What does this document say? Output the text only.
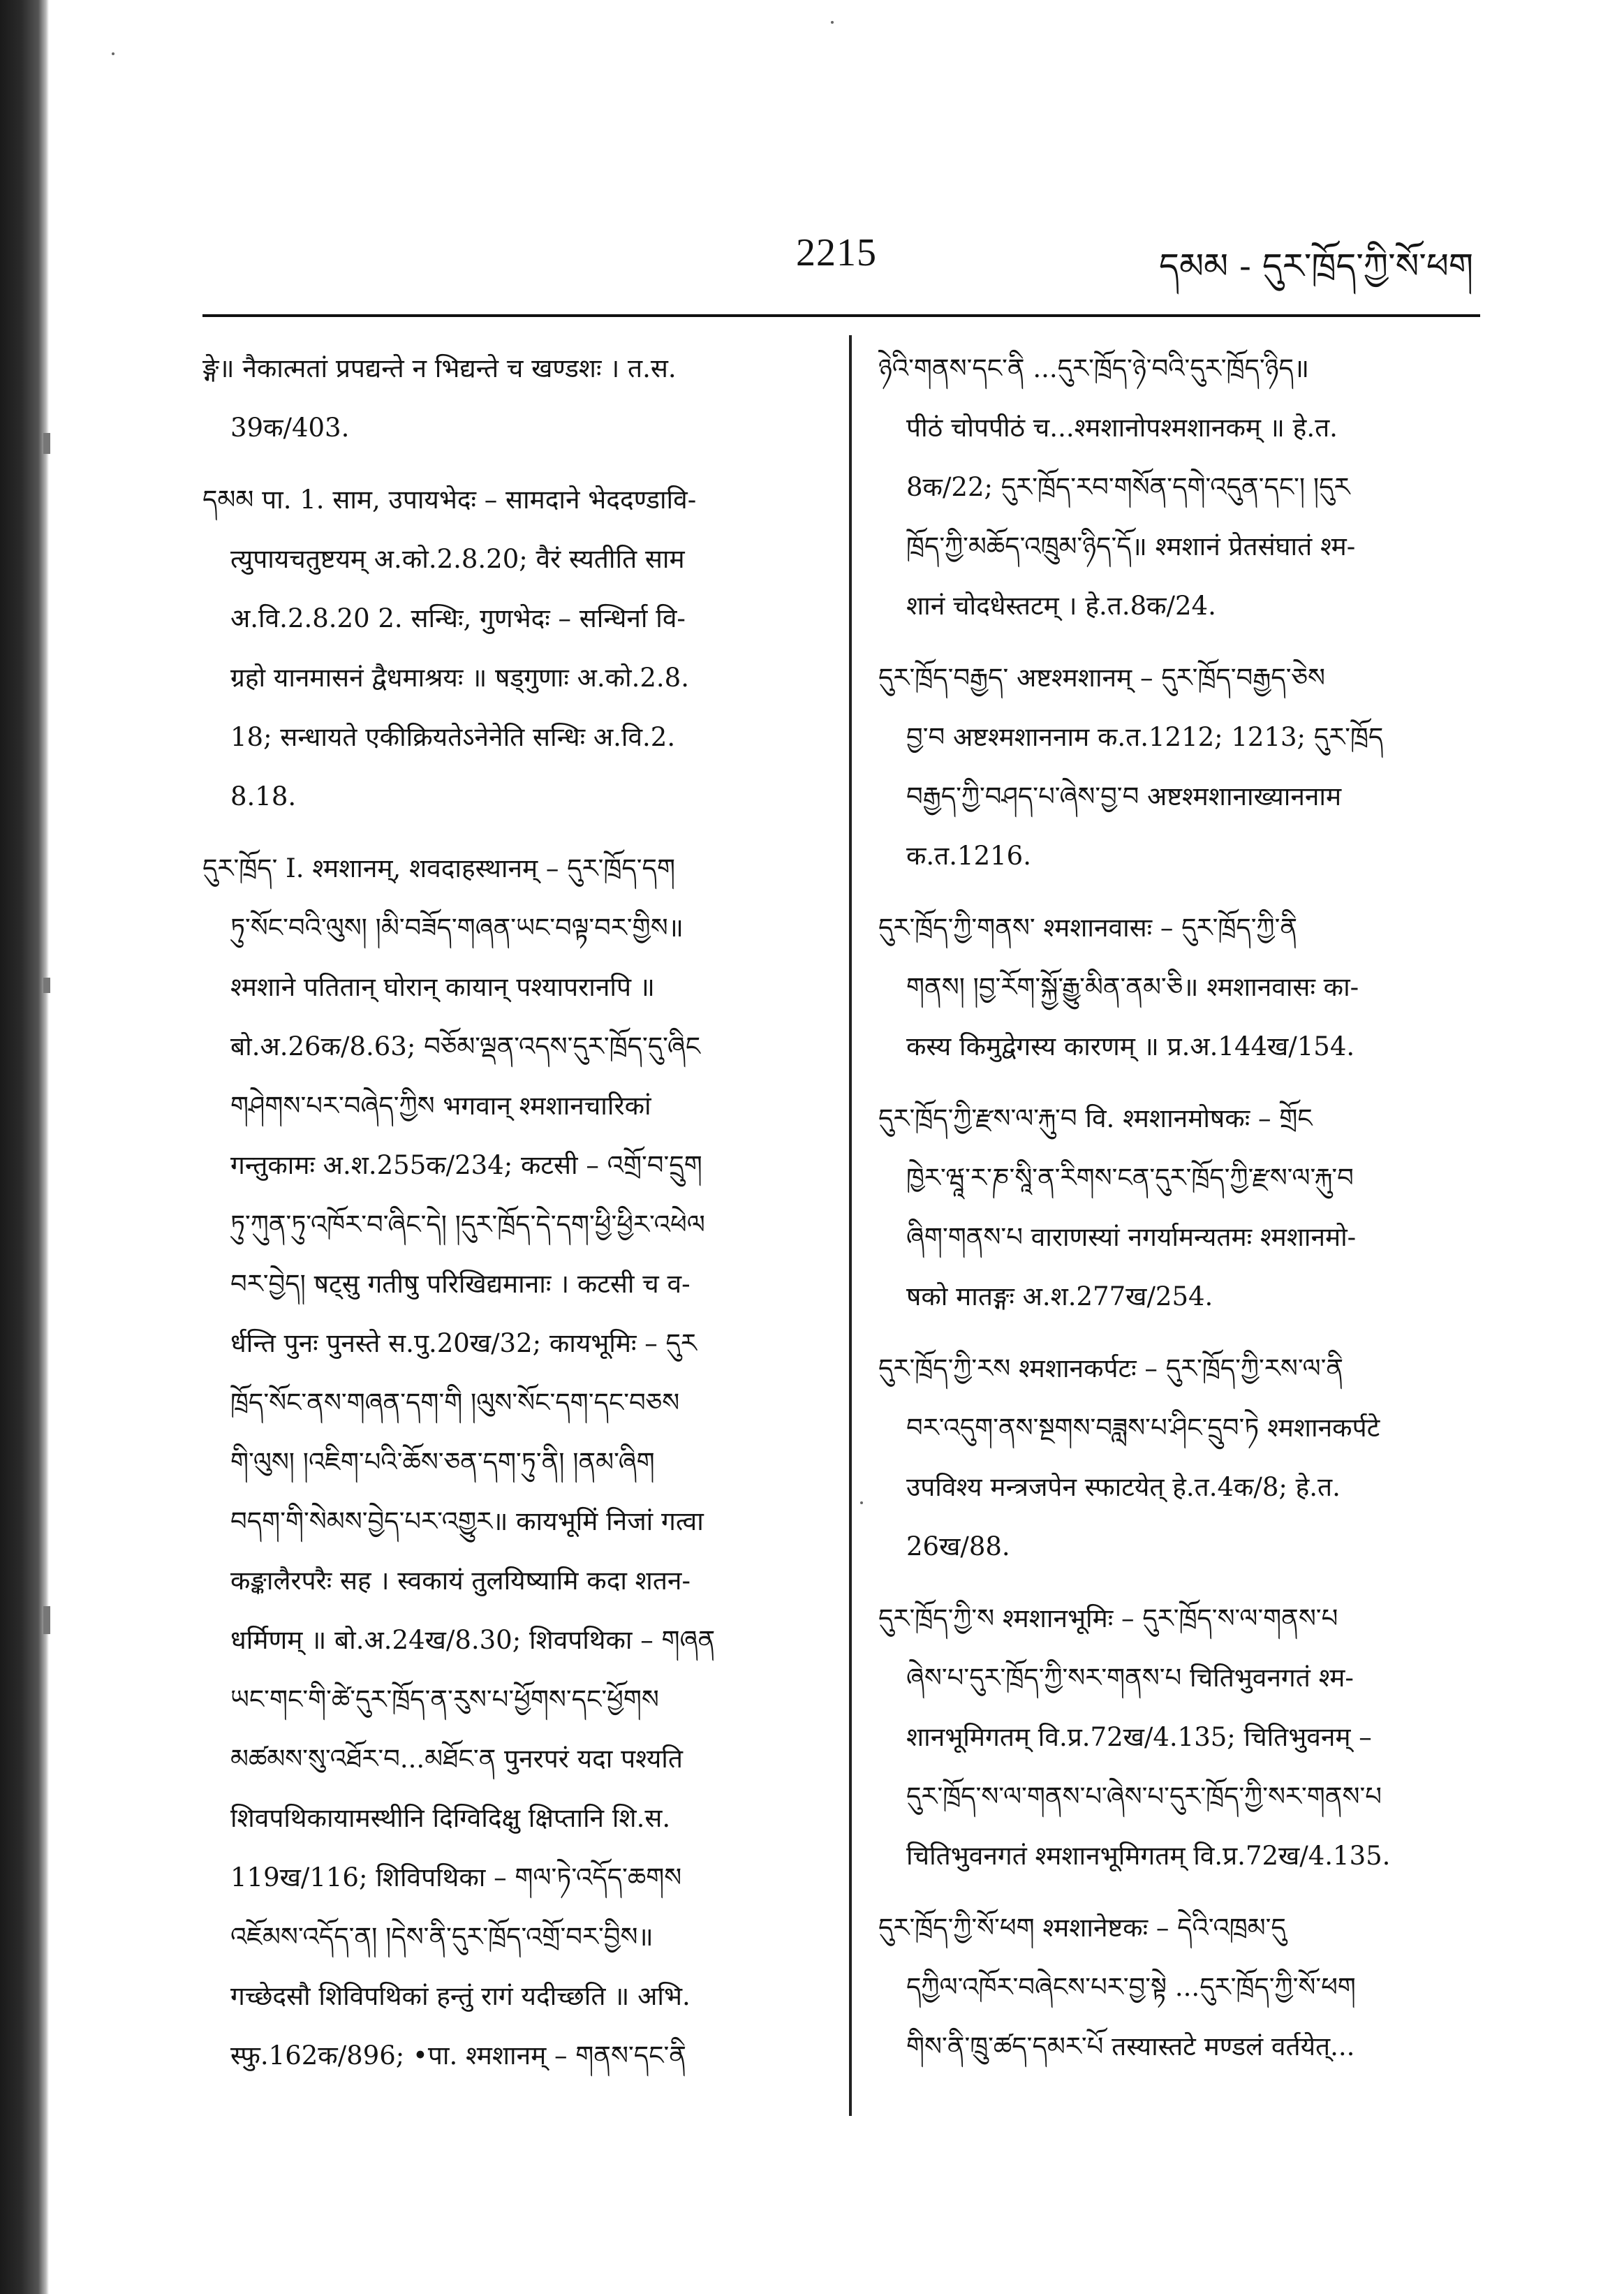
2215	དམམ - དུར་ཁྲོད་ཀྱི་སོ་ཕག
ङ्गे॥ नैकात्मतां प्रपद्यन्ते न भिद्यन्ते च खण्डशः । त.स.
39क/403.
དམམ पा. 1. साम, उपायभेदः – सामदाने भेददण्डावि-
त्युपायचतुष्टयम् अ.को.2.8.20; वैरं स्यतीति साम
अ.वि.2.8.20 2. सन्धिः, गुणभेदः – सन्धिर्ना वि-
ग्रहो यानमासनं द्वैधमाश्रयः ॥ षड्गुणाः अ.को.2.8.
18; सन्धायते एकीक्रियतेऽनेनेति सन्धिः अ.वि.2.
8.18.
དུར་ཁྲོད་ I. श्मशानम्, शवदाहस्थानम् – དུར་ཁྲོད་དག
ཏུ་སོང་བའི་ལུས། །མི་བཟོད་གཞན་ཡང་བལྟ་བར་གྱིས॥
श्मशाने पतितान् घोरान् कायान् पश्यापरानपि ॥
बो.अ.26क/8.63; བཅོམ་ལྡན་འདས་དུར་ཁྲོད་དུ་ཞིང
གཤེགས་པར་བཞེད་ཀྱིས भगवान् श्मशानचारिकां
गन्तुकामः अ.श.255क/234; कटसी – འགྲོ་བ་དྲུག
ཏུ་ཀུན་ཏུ་འཁོར་བ་ཞིང་དེ། །དུར་ཁྲོད་དེ་དག་ཕྱི་ཕྱིར་འཕེལ
བར་བྱེད། षट्सु गतीषु परिखिद्यमानाः । कटसी च व-
र्धन्ति पुनः पुनस्ते स.पु.20ख/32; कायभूमिः – དུར
ཁྲོད་སོང་ནས་གཞན་དག་གི །ལུས་སོང་དག་དང་བཅས
གི་ལུས། །འཇིག་པའི་ཆོས་ཅན་དག་ཏུ་ནི། །ནམ་ཞིག
བདག་གི་སེམས་བྱེད་པར་འགྱུར॥ कायभूमिं निजां गत्वा
कङ्कालैरपरैः सह । स्वकायं तुलयिष्यामि कदा शतन-
धर्मिणम् ॥ बो.अ.24ख/8.30; शिवपथिका – གཞན
ཡང་གང་གི་ཚེ་དུར་ཁྲོད་ན་རུས་པ་ཕྱོགས་དང་ཕྱོགས
མཚམས་སུ་འཐོར་བ...མཐོང་ན पुनरपरं यदा पश्यति
शिवपथिकायामस्थीनि दिग्विदिक्षु क्षिप्तानि शि.स.
119ख/116; शिविपथिका – གལ་ཏེ་འདོད་ཆགས
འཇོམས་འདོད་ན། །དེས་ནི་དུར་ཁྲོད་འགྲོ་བར་བྱིས॥
गच्छेदसौ शिविपथिकां हन्तुं रागं यदीच्छति ॥ अभि.
स्फु.162क/896; •पा. श्मशानम् – གནས་དང་ནི
ཉེའི་གནས་དང་ནི ...དུར་ཁྲོད་ཉེ་བའི་དུར་ཁྲོད་ཉིད॥
पीठं चोपपीठं च...श्मशानोपश्मशानकम् ॥ हे.त.
8क/22; དུར་ཁྲོད་རབ་གསོན་དགེ་འདུན་དང་། །དུར
ཁྲོད་ཀྱི་མཆོད་འཁྲུམ་ཉིད་དོ॥ श्मशानं प्रेतसंघातं श्म-
शानं चोदधेस्तटम् । हे.त.8क/24.
དུར་ཁྲོད་བརྒྱད་ अष्टश्मशानम् – དུར་ཁྲོད་བརྒྱད་ཅེས
བྱ་བ अष्टश्मशाननाम क.त.1212; 1213; དུར་ཁྲོད
བརྒྱད་ཀྱི་བཤད་པ་ཞེས་བྱ་བ अष्टश्मशानाख्याननाम
क.त.1216.
དུར་ཁྲོད་ཀྱི་གནས་ श्मशानवासः – དུར་ཁྲོད་ཀྱི་ནི
གནས། །བྱ་རོག་སྐྱོ་རྒྱུ་མིན་ནམ་ཅི॥ श्मशानवासः का-
कस्य किमुद्वेगस्य कारणम् ॥ प्र.अ.144ख/154.
དུར་ཁྲོད་ཀྱི་རྫས་ལ་རྐུ་བ वि. श्मशानमोषकः – གྲོང
ཁྱེར་ཝཱ་ར་ཎ་སཱི་ན་རིགས་ངན་དུར་ཁྲོད་ཀྱི་རྫས་ལ་རྐུ་བ
ཞིག་གནས་པ वाराणस्यां नगर्यामन्यतमः श्मशानमो-
षको मातङ्गः अ.श.277ख/254.
དུར་ཁྲོད་ཀྱི་རས श्मशानकर्पटः – དུར་ཁྲོད་ཀྱི་རས་ལ་ནི
བར་འདུག་ནས་སྔགས་བཟླས་པ་ཤིང་དྲུབ་ཏེ श्मशानकर्पटे
उपविश्य मन्त्रजपेन स्फाटयेत् हे.त.4क/8; हे.त.
26ख/88.
དུར་ཁྲོད་ཀྱི་ས श्मशानभूमिः – དུར་ཁྲོད་ས་ལ་གནས་པ
ཞེས་པ་དུར་ཁྲོད་ཀྱི་སར་གནས་པ चितिभुवनगतं श्म-
शानभूमिगतम् वि.प्र.72ख/4.135; चितिभुवनम् –
དུར་ཁྲོད་ས་ལ་གནས་པ་ཞེས་པ་དུར་ཁྲོད་ཀྱི་སར་གནས་པ
चितिभुवनगतं श्मशानभूमिगतम् वि.प्र.72ख/4.135.
དུར་ཁྲོད་ཀྱི་སོ་ཕག श्मशानेष्टकः – དེའི་འཁྲམ་དུ
དཀྱིལ་འཁོར་བཞེངས་པར་བྱ་སྟེ ...དུར་ཁྲོད་ཀྱི་སོ་ཕག
གིས་ནི་ཁྲུ་ཚད་དམར་པོ तस्यास्तटे मण्डलं वर्तयेत्...
